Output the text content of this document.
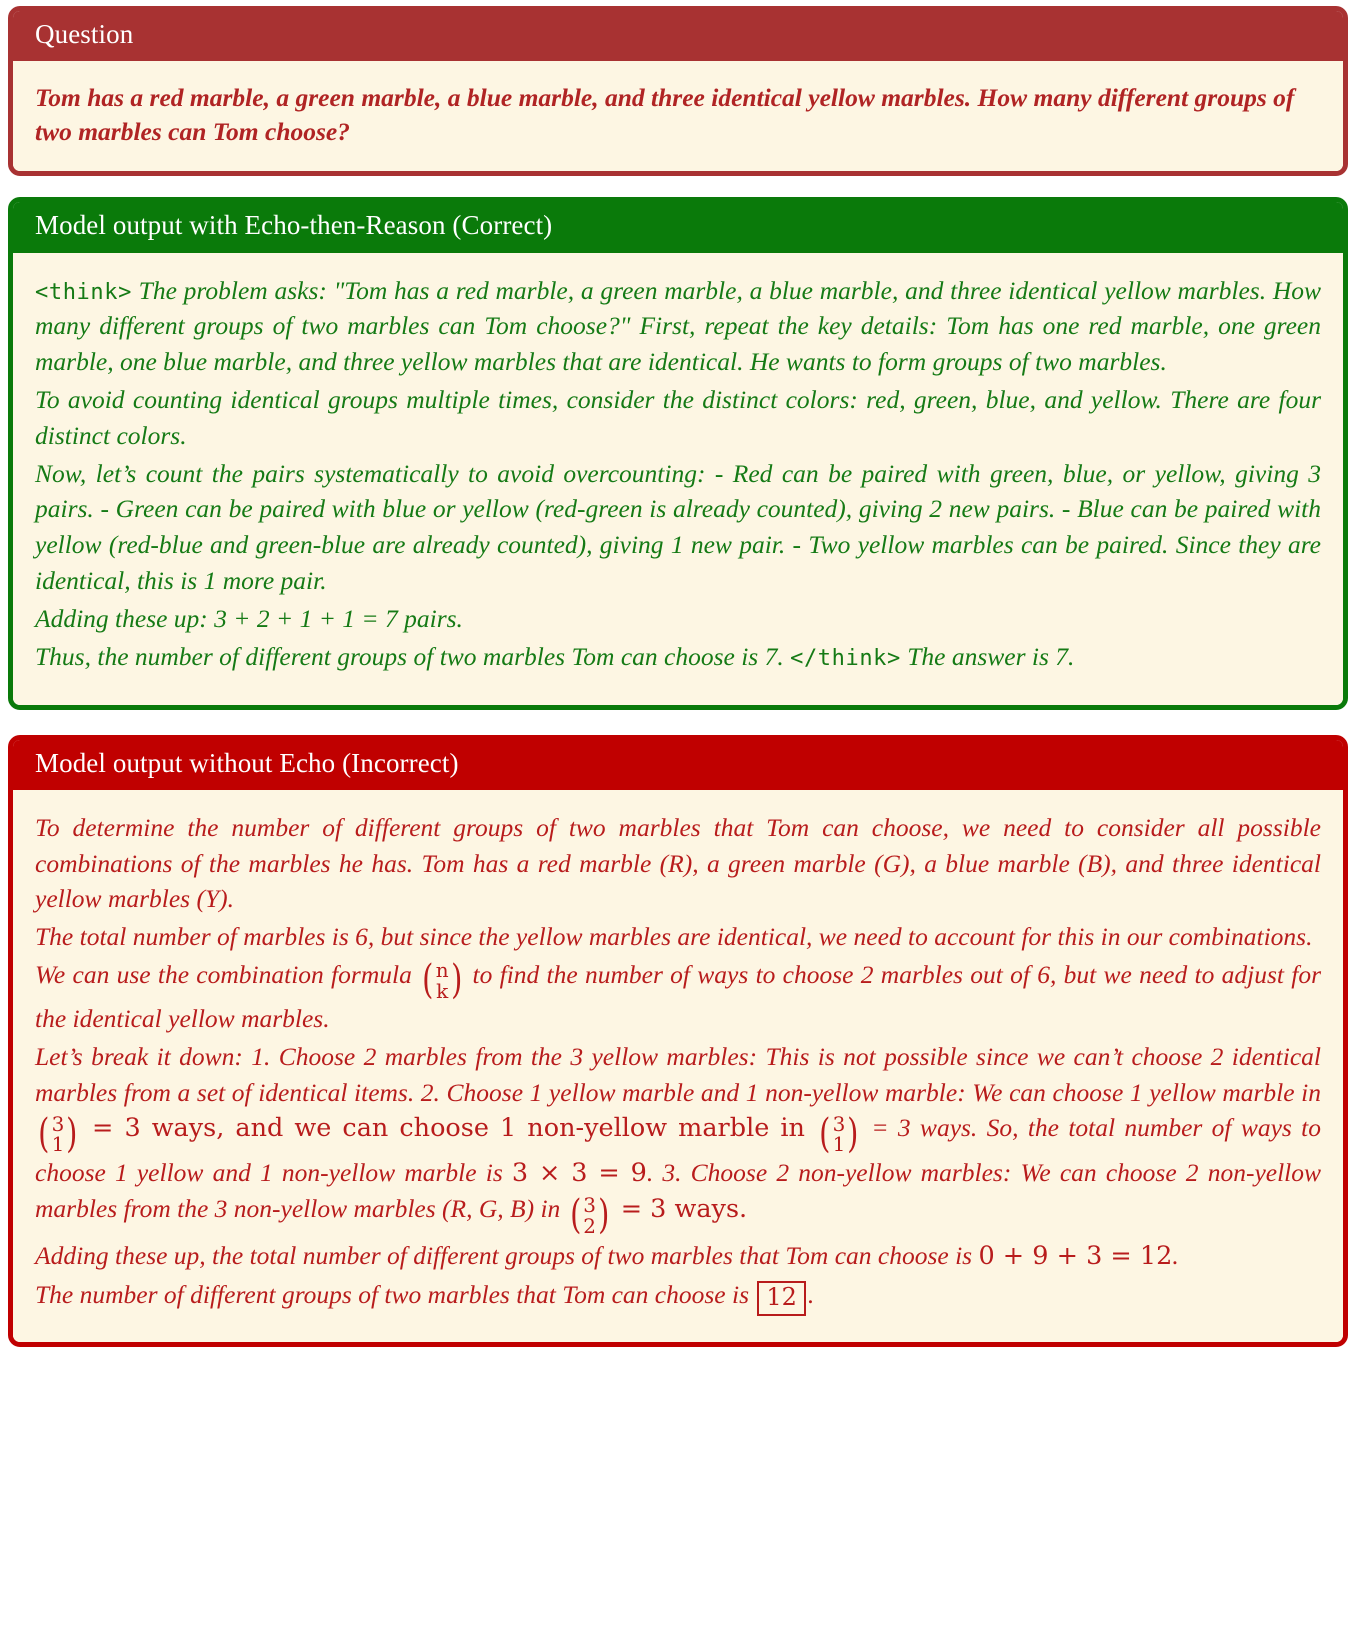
Question

Tom has a red marble, a green marble, a blue marble, and three identical yellow marbles. How many different groups of two marbles can Tom choose?

Model output with Echo-then-Reason (Correct)

<think> The problem asks: "Tom has a red marble, a green marble, a blue marble, and three identical yellow marbles. How many different groups of two marbles can Tom choose?" First, repeat the key details: Tom has one red marble, one green marble, one blue marble, and three yellow marbles that are identical. He wants to form groups of two marbles.

To avoid counting identical groups multiple times, consider the distinct colors: red, green, blue, and yellow. There are four distinct colors.

Now, let’s count the pairs systematically to avoid overcounting: - Red can be paired with green, blue, or yellow, giving 3 pairs. - Green can be paired with blue or yellow (red-green is already counted), giving 2 new pairs. - Blue can be paired with yellow (red-blue and green-blue are already counted), giving 1 new pair. - Two yellow marbles can be paired. Since they are identical, this is 1 more pair.

Adding these up: 3 + 2 + 1 + 1 = 7 pairs.

Thus, the number of different groups of two marbles Tom can choose is 7. </think> The answer is 7.

Model output without Echo (Incorrect)

To determine the number of different groups of two marbles that Tom can choose, we need to consider all possible combinations of the marbles he has. Tom has a red marble (R), a green marble (G), a blue marble (B), and three identical yellow marbles (Y).

The total number of marbles is 6, but since the yellow marbles are identical, we need to account for this in our combinations.

We can use the combination formula ( n
k ) to find the number of ways to choose 2 marbles out of 6, but we need to adjust for the identical yellow marbles.

Let’s break it down: 1. Choose 2 marbles from the 3 yellow marbles: This is not possible since we can’t choose 2 identical marbles from a set of identical items. 2. Choose 1 yellow marble and 1 non-yellow marble: We can choose 1 yellow marble in
( 3
1 ) = 3 ways, and we can choose 1 non-yellow marble in ( 3
1 ) = 3 ways. So, the total number of ways to choose 1 yellow and 1 non-yellow marble is 3 × 3 = 9. 3. Choose 2 non-yellow marbles: We can choose 2 non-yellow marbles from the 3 non-yellow marbles (R, G, B) in ( 3
2 ) = 3 ways.

Adding these up, the total number of different groups of two marbles that Tom can choose is 0 + 9 + 3 = 12.

The number of different groups of two marbles that Tom can choose is 12 .
